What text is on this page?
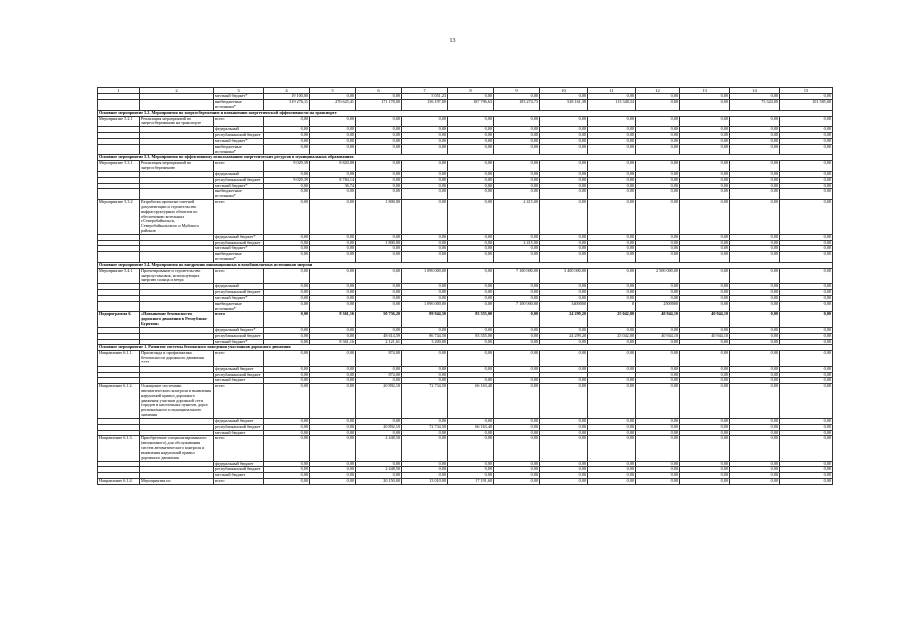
13
1	2	3	4	5	6	7	8	9	10	11	12	13	14	15
		местный бюджет*	19 100,00	0,00	0,00	5 051,23	0,00	0,00	0,00	0,00	0,00	0,00	0,00	0,00
		внебюджетные источники*	319 276,11	270 625,41	171 178,00	156 197,00	187 796,63	183 274,73	528 161,38	113 348,34	0,00	0,00	75 324,00	101 585,00
Основное мероприятие 5.2. Мероприятия по энергосбережению и повышению энергетической эффективности на транспорте														
Мероприятие 5.2.1	Реализация мероприятий по энергосбережению на транспорте	всего	0,00	0,00	0,00	0,00	0,00	0,00	0,00	0,00	0,00	0,00	0,00	0,00
		федеральный	0,00	0,00	0,00	0,00	0,00	0,00	0,00	0,00	0,00	0,00	0,00	0,00
		республиканский бюджет	0,00	0,00	0,00	0,00	0,00	0,00	0,00	0,00	0,00	0,00	0,00	0,00
		местный бюджет*	0,00	0,00	0,00	0,00	0,00	0,00	0,00	0,00	0,00	0,00	0,00	0,00
		внебюджетные источники*	0,00	0,00	0,00	0,00	0,00	0,00	0,00	0,00	0,00	0,00	0,00	0,00
Основное мероприятие 5.3. Мероприятия по эффективному использованию энергетических ресурсов в муниципальных образованиях														
Мероприятие 5.3.1	Реализация мероприятий по энергосбережению	всего	9 029,39	8 820,88	0,00	0,00	0,00	0,00	0,00	0,00	0,00	0,00	0,00	0,00
		федеральный	0,00	0,00	0,00	0,00	0,00	0,00	0,00	0,00	0,00	0,00	0,00	0,00
		республиканский бюджет	9 029,39	8 784,14	0,00	0,00	0,00	0,00	0,00	0,00	0,00	0,00	0,00	0,00
		местный бюджет*	0,00	36,74	0,00	0,00	0,00	0,00	0,00	0,00	0,00	0,00	0,00	0,00
		внебюджетные источники*	0,00	0,00	0,00	0,00	0,00	0,00	0,00	0,00	0,00	0,00	0,00	0,00
Мероприятие 5.3.2	Разработка проектно-сметной документации и строительство инфраструктурных объектов по обеспечению котельных г.Северобайкальск, Северобайкальского и Муйского районов	всего	0,00	0,00	1 800,00	0,00	0,00	2 415,00	0,00	0,00	0,00	0,00	0,00	0,00
		федеральный бюджет*	0,00	0,00	0,00	0,00	0,00	0,00	0,00	0,00	0,00	0,00	0,00	0,00
		республиканский бюджет	0,00	0,00	1 800,00	0,00	0,00	2 415,00	0,00	0,00	0,00	0,00	0,00	0,00
		местный бюджет*	0,00	0,00	0,00	0,00	0,00	0,00	0,00	0,00	0,00	0,00	0,00	0,00
		внебюджетные источники*	0,00	0,00	0,00	0,00	0,00	0,00	0,00	0,00	0,00	0,00	0,00	0,00
Основное мероприятие 5.4. Мероприятия по внедрению инновационных и возобновляемых источников энергии														
Мероприятие 5.4.1	Проектирование и строительство энергоустановок, использующих энергию солнца и ветра	всего	0,00	0,00	0,00	1 096 000,00	0,00	7 100 000,00	3 400 000,00	0,00	2 500 000,00	0,00	0,00	0,00
		федеральный	0,00	0,00	0,00	0,00	0,00	0,00	0,00	0,00	0,00	0,00	0,00	0,00
		республиканский бюджет	0,00	0,00	0,00	0,00	0,00	0,00	0,00	0,00	0,00	0,00	0,00	0,00
		местный бюджет*	0,00	0,00	0,00	0,00	0,00	0,00	0,00	0,00	0,00	0,00	0,00	0,00
		внебюджетные источники*	0,00	0,00	0,00	1 096 000,00	0,00	7 100 000,00	3400000	0	2500000	0,00	0,00	0,00
Подпрограмма 6.	«Повышение безопасности дорожного движения в Республике Бурятия»	всего	0,00	8 361,16	50 736,20	89 944,50	83 355,00	0,00	24 299,20	25 042,00	40 944,10	40 944,10	0,00	0,00
		федеральный бюджет*	0,00	0,00	0,00	0,00	0,00	0,00	0,00	0,00	0,00	0,00	0,00	0,00
		республиканский бюджет	0,00	0,00	48 614,59	86 744,50	83 355,00	0,00	24 299,20	25 042,00	40 944,10	40 944,10	0,00	0,00
		местный бюджет*	0,00	8 361,16	2 121,61	3 200,00	0,00	0,00	0,00	0,00	0,00	0,00	0,00	0,00
Основное мероприятие 1. Развитие системы безопасного поведения участников дорожного движения														
Направление 6.1.1.	Пропаганда и профилактика безопасности дорожного движения ****	всего	0,00	0,00	874,00	0,00	0,00	0,00	0,00	0,00	0,00	0,00	0,00	0,00
		федеральный бюджет	0,00	0,00	0,00	0,00	0,00	0,00	0,00	0,00	0,00	0,00	0,00	0,00
		республиканский бюджет	0,00	0,00	874,00	0,00					0,00	0,00	0,00	0,00
		местный бюджет	0,00	0,00	0,00	0,00	0,00	0,00	0,00	0,00	0,00	0,00	0,00	0,00
Направление 6.1.2.	Оснащение системами автоматического контроля и выявления нарушений правил дорожного движения участков дорожной сети городов и населенных пунктов, дорог регионального и муниципального значения	всего	0,00	0,00	20 892,10	72 734,50	66 163,40	0,00	0,00	0,00	0,00	0,00	0,00	0,00
		федеральный бюджет	0,00	0,00	0,00	0,00	0,00	0,00	0,00	0,00	0,00	0,00	0,00	0,00
		республиканский бюджет	0,00	0,00	20 892,10	72 734,50	66 163,40	0,00	0,00	0,00	0,00	0,00	0,00	0,00
		местный бюджет	0,00	0,00	0,00	0,00	0,00	0,00	0,00	0,00	0,00	0,00	0,00	0,00
Направление 6.1.3.	Приобретение специализированного (автономного) для обслуживания систем автоматического контроля и выявления нарушений правил дорожного движения	всего	0,00	0,00	2 448,50	0,00	0,00	0,00	0,00	0,00	0,00	0,00	0,00	0,00
		федеральный бюджет	0,00	0,00	0,00	0,00	0,00	0,00	0,00	0,00	0,00	0,00	0,00	0,00
		республиканский бюджет	0,00	0,00	2 448,50	0,00	0,00	0,00	0,00	0,00	0,00	0,00	0,00	0,00
		местный бюджет	0,00	0,00	0,00	0,00	0,00	0,00	0,00	0,00	0,00	0,00	0,00	0,00
Направление 6.1.4.	Мероприятия по	всего	0,00	0,00	20 150,00	13 010,00	17 191,60	0,00	0,00	0,00	0,00	0,00	0,00	0,00
